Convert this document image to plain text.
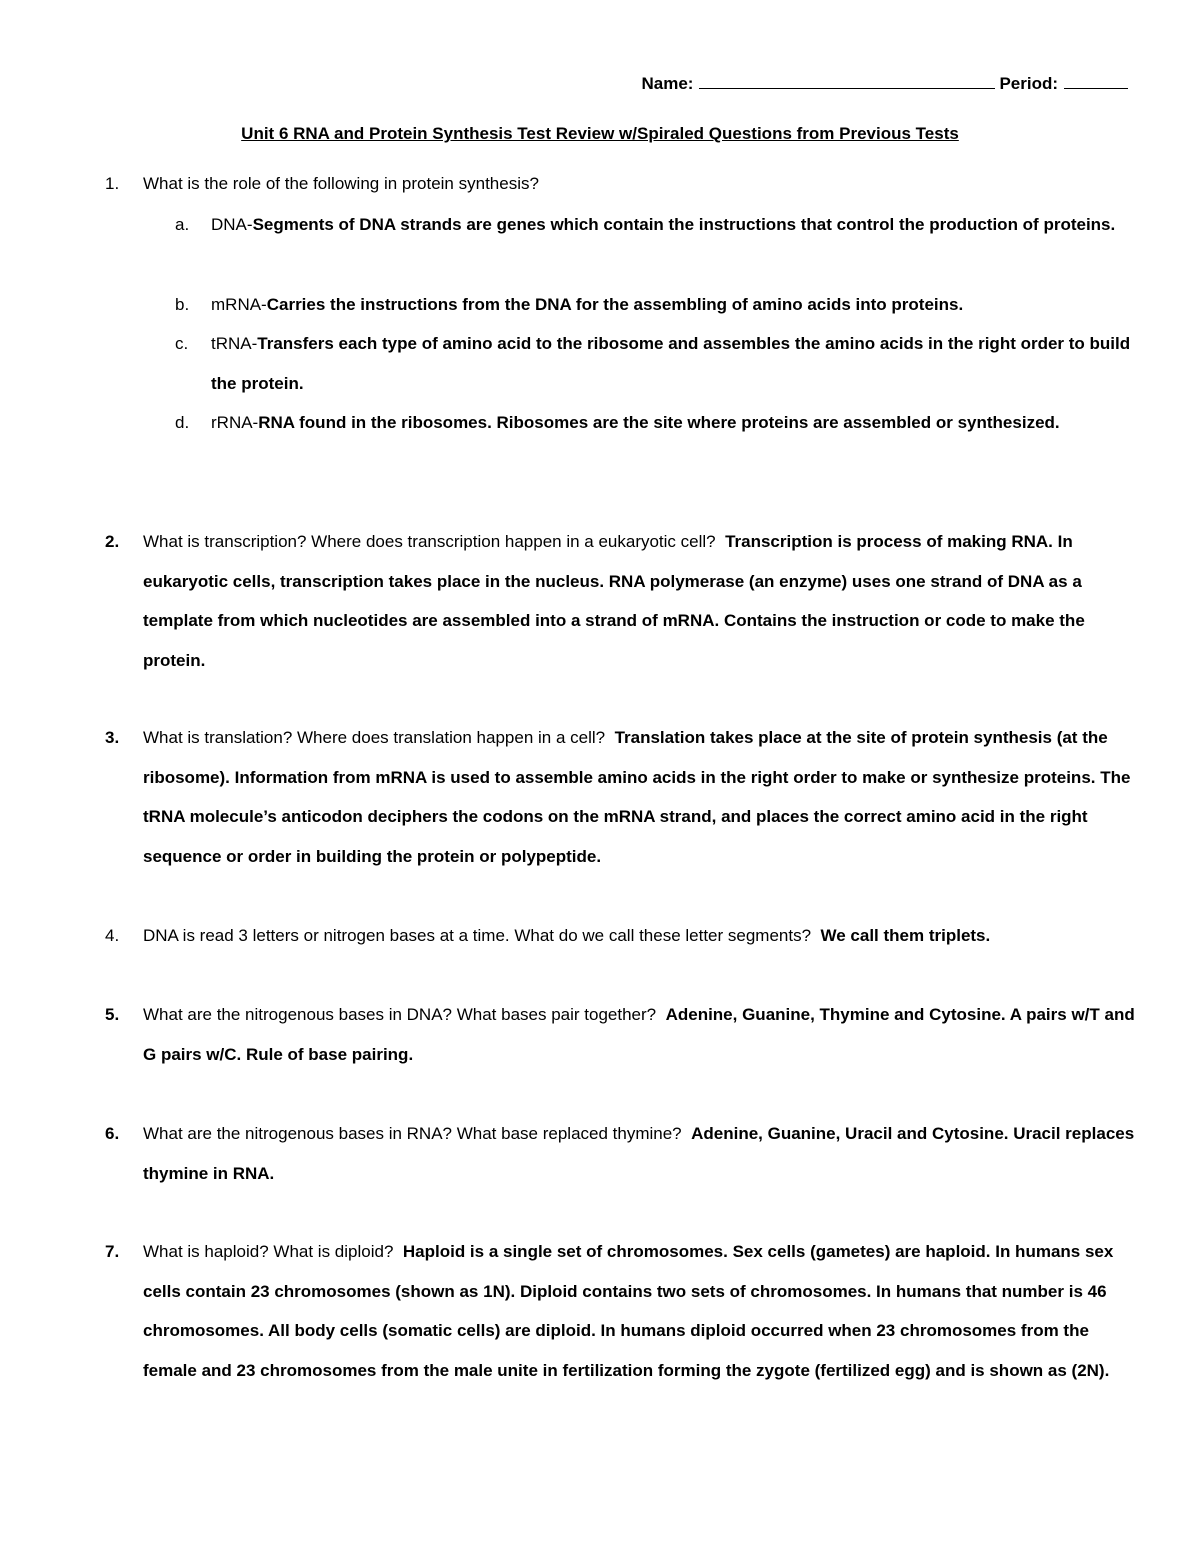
Name:	Period:
Unit 6 RNA and Protein Synthesis Test Review w/Spiraled Questions from Previous Tests
1. What is the role of the following in protein synthesis?
a. DNA-Segments of DNA strands are genes which contain the instructions that control the production of proteins.
b. mRNA-Carries the instructions from the DNA for the assembling of amino acids into proteins.
c. tRNA-Transfers each type of amino acid to the ribosome and assembles the amino acids in the right order to build the protein.
d. rRNA-RNA found in the ribosomes. Ribosomes are the site where proteins are assembled or synthesized.
2. What is transcription? Where does transcription happen in a eukaryotic cell? Transcription is process of making RNA. In eukaryotic cells, transcription takes place in the nucleus. RNA polymerase (an enzyme) uses one strand of DNA as a template from which nucleotides are assembled into a strand of mRNA. Contains the instruction or code to make the protein.
3. What is translation? Where does translation happen in a cell? Translation takes place at the site of protein synthesis (at the ribosome). Information from mRNA is used to assemble amino acids in the right order to make or synthesize proteins. The tRNA molecule’s anticodon deciphers the codons on the mRNA strand, and places the correct amino acid in the right sequence or order in building the protein or polypeptide.
4. DNA is read 3 letters or nitrogen bases at a time. What do we call these letter segments? We call them triplets.
5. What are the nitrogenous bases in DNA? What bases pair together? Adenine, Guanine, Thymine and Cytosine. A pairs w/T and G pairs w/C. Rule of base pairing.
6. What are the nitrogenous bases in RNA? What base replaced thymine? Adenine, Guanine, Uracil and Cytosine. Uracil replaces thymine in RNA.
7. What is haploid? What is diploid? Haploid is a single set of chromosomes. Sex cells (gametes) are haploid. In humans sex cells contain 23 chromosomes (shown as 1N). Diploid contains two sets of chromosomes. In humans that number is 46 chromosomes. All body cells (somatic cells) are diploid. In humans diploid occurred when 23 chromosomes from the female and 23 chromosomes from the male unite in fertilization forming the zygote (fertilized egg) and is shown as (2N).
